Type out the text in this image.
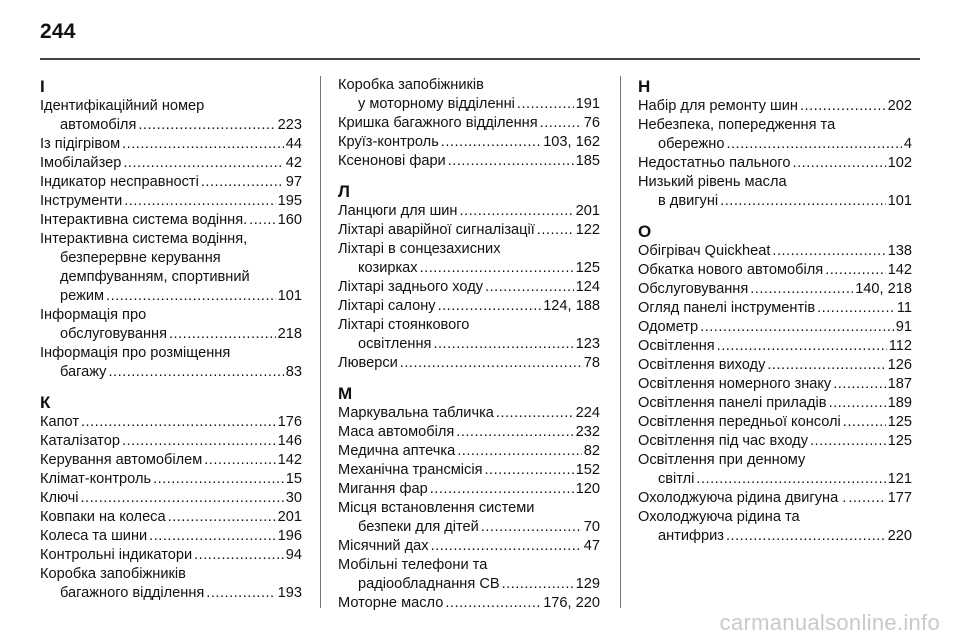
244
І
Ідентифікаційний номер
автомобіля .....	223
Із підігрівом .....	44
Імобілайзер .....	42
Індикатор несправності .....	97
Інструменти .....	195
Інтерактивна система водіння. ..... 160
Інтерактивна система водіння,
безперервне керування
демпфуванням, спортивний
режим .....	101
Інформація про
обслуговування .....	218
Інформація про розміщення
багажу .....	83
К
Капот .....	176
Каталізатор .....	146
Керування автомобілем .....	142
Клімат-контроль .....	15
Ключі .....	30
Ковпаки на колеса .....	201
Колеса та шини .....	196
Контрольні індикатори .....	94
Коробка запобіжників
багажного відділення .....	193
Коробка запобіжників
у моторному відділенні .....	191
Кришка багажного відділення .....	76
Круїз-контроль .....	103, 162
Ксенонові фари .....	185
Л
Ланцюги для шин .....	201
Ліхтарі аварійної сигналізації .....	122
Ліхтарі в сонцезахисних
козирках .....	125
Ліхтарі заднього ходу .....	124
Ліхтарі салону .....	124, 188
Ліхтарі стоянкового
освітлення .....	123
Люверси .....	78
М
Маркувальна табличка .....	224
Маса автомобіля .....	232
Медична аптечка .....	82
Механічна трансмісія .....	152
Мигання фар .....	120
Місця встановлення системи
безпеки для дітей .....	70
Місячний дах .....	47
Мобільні телефони та
радіообладнання СВ .....	129
Моторне масло .....	176, 220
Н
Набір для ремонту шин .....	202
Небезпека, попередження та
обережно .....	4
Недостатньо пального .....	102
Низький рівень масла
в двигуні .....	101
О
Обігрівач Quickheat .....	138
Обкатка нового автомобіля .....	142
Обслуговування .....	140, 218
Огляд панелі інструментів .....	11
Одометр .....	91
Освітлення .....	112
Освітлення виходу .....	126
Освітлення номерного знаку .....	187
Освітлення панелі приладів .....	189
Освітлення передньої консолі .....	125
Освітлення під час входу .....	125
Освітлення при денному
світлі .....	121
Охолоджуюча рідина двигуна . .....	177
Охолоджуюча рідина та
антифриз .....	220
carmanualsonline.info
